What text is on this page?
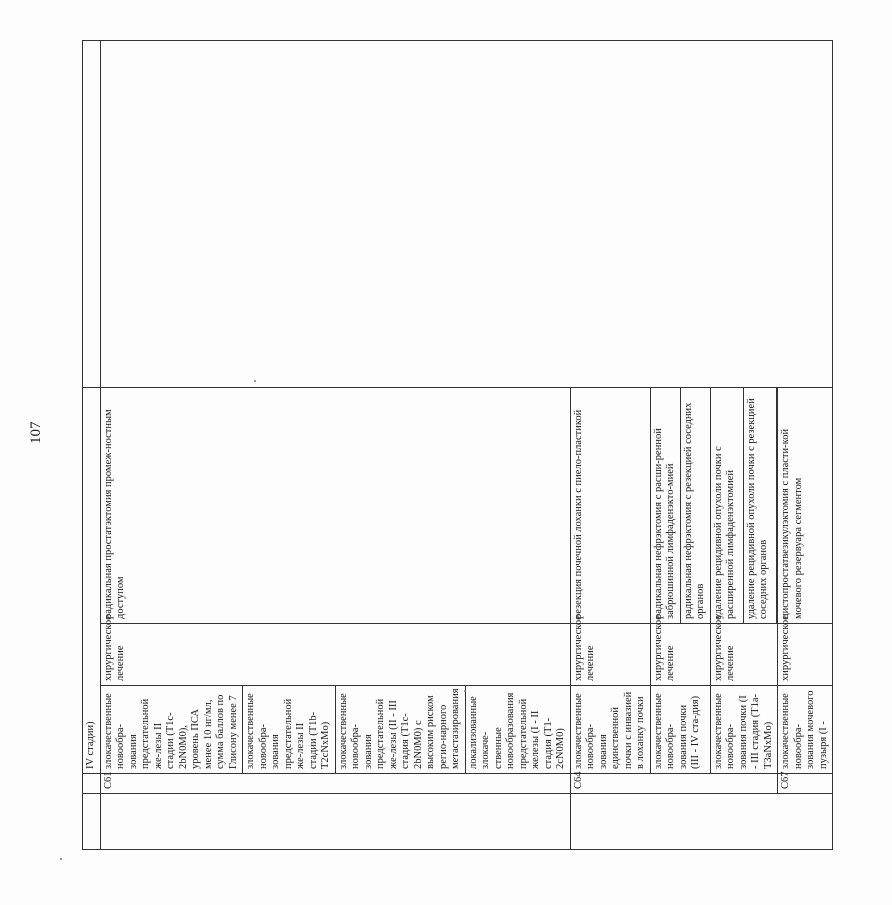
107
		IV стадии)			
	C61	злокачественные новообра-зования предстательной же-лезы II стадии (T1c-2bN0M0), уровень ПСА менее 10 нг/мл, сумма баллов по Глисону менее 7	хирургическое лечение	радикальная простатэктомия промеж-ностным доступом	
		злокачественные новообра-зования предстательной же-лезы II стадии (T1b-T2cNxMo)			
		злокачественные новообра-зования предстательной же-лезы (II - III стадия (T1c-2bN0M0) с высоким риском регио-нарного метастазирования			
		локализованные злокаче-ственные новообразования предстательной железы (I - II стадия (T1-2cN0M0)			
	C64	злокачественные новообра-зования единственной почки с инвазией в лоханку почки	хирургическое лечение	резекция почечной лоханки с пиело-пластикой	
		злокачественные новообра-зования почки (III - IV ста-дия)	хирургическое лечение	радикальная нефрэктомия с расши-ренной забрюшинной лимфаденэкто-мией	
				радикальная нефрэктомия с резекцией соседних органов	
		злокачественные новообра-зования почки (I - III стадия (T1a-T3aNxMo)	хирургическое лечение	удаление рецидивной опухоли почки с расширенной лимфаденэктомией	
				удаление рецидивной опухоли почки с резекцией соседних органов	

	C67	злокачественные новообра-зования мочевого пузыря (I -	хирургическое	цистопростатвезикулэктомия с пласти-кой мочевого резервуара сегментом	
